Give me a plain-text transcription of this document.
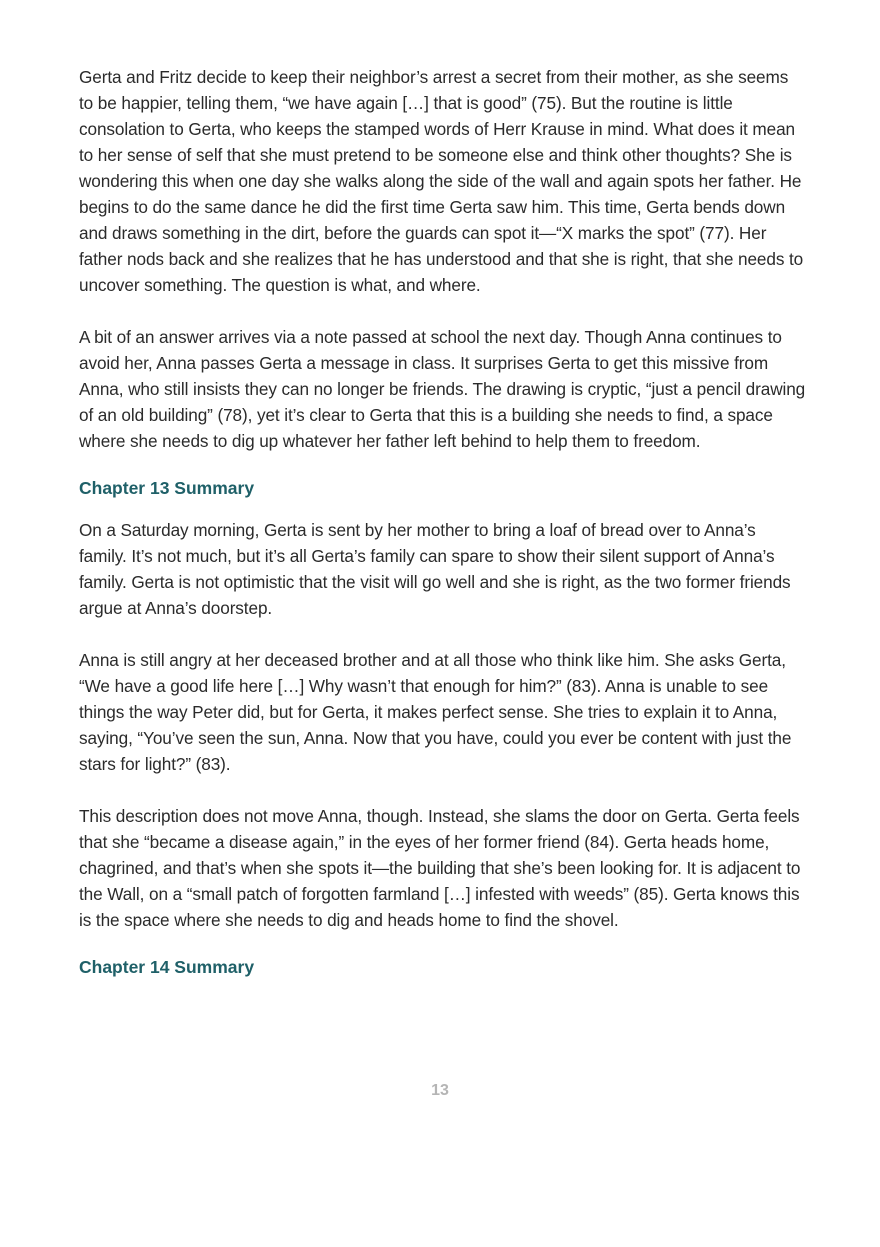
Gerta and Fritz decide to keep their neighbor’s arrest a secret from their mother, as she seems to be happier, telling them, “we have again […] that is good” (75). But the routine is little consolation to Gerta, who keeps the stamped words of Herr Krause in mind. What does it mean to her sense of self that she must pretend to be someone else and think other thoughts? She is wondering this when one day she walks along the side of the wall and again spots her father. He begins to do the same dance he did the first time Gerta saw him. This time, Gerta bends down and draws something in the dirt, before the guards can spot it—“X marks the spot” (77). Her father nods back and she realizes that he has understood and that she is right, that she needs to uncover something. The question is what, and where.

A bit of an answer arrives via a note passed at school the next day. Though Anna continues to avoid her, Anna passes Gerta a message in class. It surprises Gerta to get this missive from Anna, who still insists they can no longer be friends. The drawing is cryptic, “just a pencil drawing of an old building” (78), yet it’s clear to Gerta that this is a building she needs to find, a space where she needs to dig up whatever her father left behind to help them to freedom.

Chapter 13 Summary

On a Saturday morning, Gerta is sent by her mother to bring a loaf of bread over to Anna’s family. It’s not much, but it’s all Gerta’s family can spare to show their silent support of Anna’s family. Gerta is not optimistic that the visit will go well and she is right, as the two former friends argue at Anna’s doorstep.

Anna is still angry at her deceased brother and at all those who think like him. She asks Gerta, “We have a good life here […] Why wasn’t that enough for him?” (83). Anna is unable to see things the way Peter did, but for Gerta, it makes perfect sense. She tries to explain it to Anna, saying, “You’ve seen the sun, Anna. Now that you have, could you ever be content with just the stars for light?” (83).

This description does not move Anna, though. Instead, she slams the door on Gerta. Gerta feels that she “became a disease again,” in the eyes of her former friend (84). Gerta heads home, chagrined, and that’s when she spots it—the building that she’s been looking for. It is adjacent to the Wall, on a “small patch of forgotten farmland […] infested with weeds” (85). Gerta knows this is the space where she needs to dig and heads home to find the shovel.

Chapter 14 Summary
13
